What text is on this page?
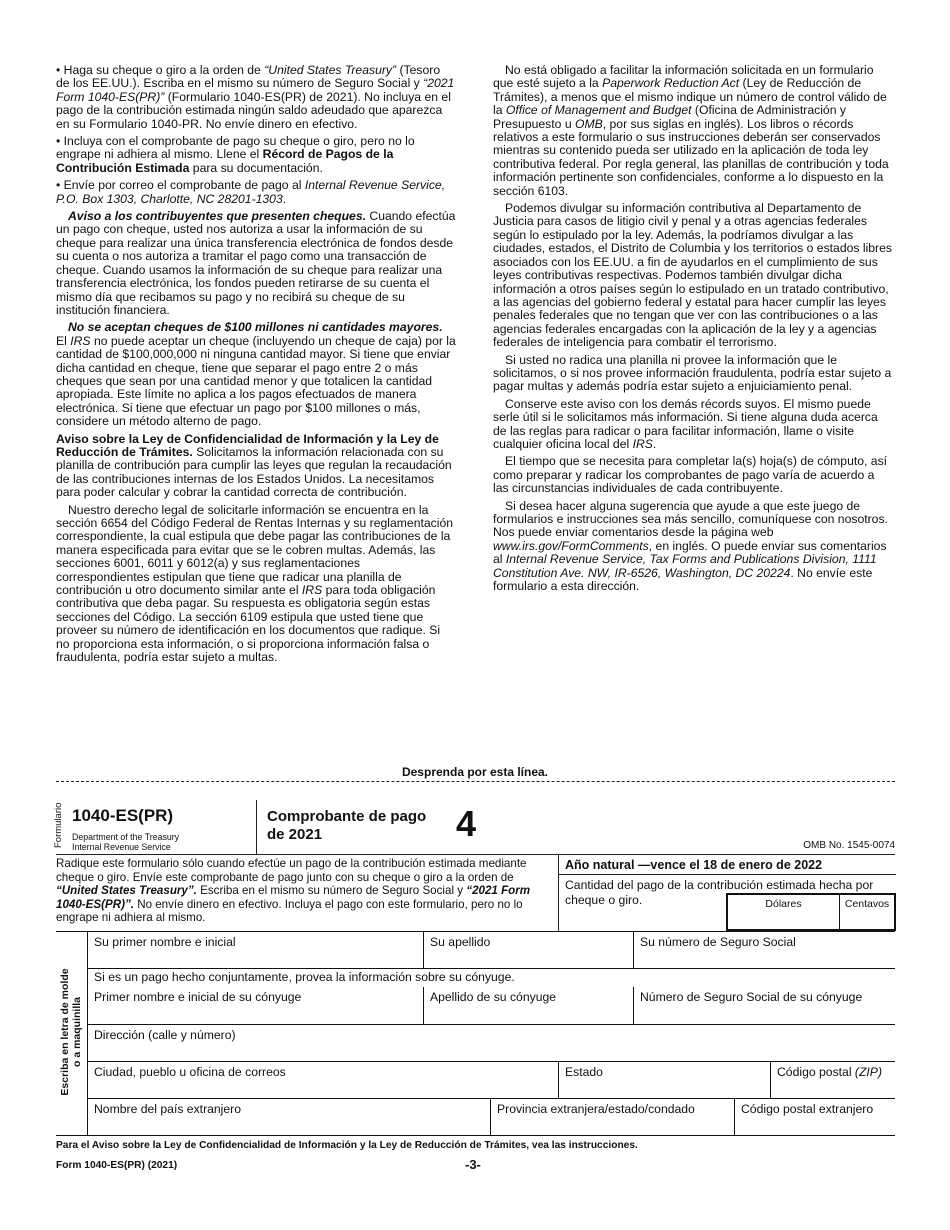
• Haga su cheque o giro a la orden de “United States Treasury” (Tesoro de los EE.UU.). Escriba en el mismo su número de Seguro Social y “2021 Form 1040-ES(PR)” (Formulario 1040-ES(PR) de 2021). No incluya en el pago de la contribución estimada ningún saldo adeudado que aparezca en su Formulario 1040-PR. No envíe dinero en efectivo.

• Incluya con el comprobante de pago su cheque o giro, pero no lo engrape ni adhiera al mismo. Llene el Récord de Pagos de la Contribución Estimada para su documentación.

• Envíe por correo el comprobante de pago al Internal Revenue Service, P.O. Box 1303, Charlotte, NC 28201-1303.

Aviso a los contribuyentes que presenten cheques. Cuando efectúa un pago con cheque, usted nos autoriza a usar la información de su cheque para realizar una única transferencia electrónica de fondos desde su cuenta o nos autoriza a tramitar el pago como una transacción de cheque. Cuando usamos la información de su cheque para realizar una transferencia electrónica, los fondos pueden retirarse de su cuenta el mismo día que recibamos su pago y no recibirá su cheque de su institución financiera.

No se aceptan cheques de $100 millones ni cantidades mayores. El IRS no puede aceptar un cheque (incluyendo un cheque de caja) por la cantidad de $100,000,000 ni ninguna cantidad mayor. Si tiene que enviar dicha cantidad en cheque, tiene que separar el pago entre 2 o más cheques que sean por una cantidad menor y que totalicen la cantidad apropiada. Este límite no aplica a los pagos efectuados de manera electrónica. Si tiene que efectuar un pago por $100 millones o más, considere un método alterno de pago.

Aviso sobre la Ley de Confidencialidad de Información y la Ley de Reducción de Trámites. Solicitamos la información relacionada con su planilla de contribución para cumplir las leyes que regulan la recaudación de las contribuciones internas de los Estados Unidos. La necesitamos para poder calcular y cobrar la cantidad correcta de contribución.

Nuestro derecho legal de solicitarle información se encuentra en la sección 6654 del Código Federal de Rentas Internas y su reglamentación correspondiente, la cual estipula que debe pagar las contribuciones de la manera especificada para evitar que se le cobren multas. Además, las secciones 6001, 6011 y 6012(a) y sus reglamentaciones correspondientes estipulan que tiene que radicar una planilla de contribución u otro documento similar ante el IRS para toda obligación contributiva que deba pagar. Su respuesta es obligatoria según estas secciones del Código. La sección 6109 estipula que usted tiene que proveer su número de identificación en los documentos que radique. Si no proporciona esta información, o si proporciona información falsa o fraudulenta, podría estar sujeto a multas.

No está obligado a facilitar la información solicitada en un formulario que esté sujeto a la Paperwork Reduction Act (Ley de Reducción de Trámites), a menos que el mismo indique un número de control válido de la Office of Management and Budget (Oficina de Administración y Presupuesto u OMB, por sus siglas en inglés). Los libros o récords relativos a este formulario o sus instrucciones deberán ser conservados mientras su contenido pueda ser utilizado en la aplicación de toda ley contributiva federal. Por regla general, las planillas de contribución y toda información pertinente son confidenciales, conforme a lo dispuesto en la sección 6103.

Podemos divulgar su información contributiva al Departamento de Justicia para casos de litigio civil y penal y a otras agencias federales según lo estipulado por la ley. Además, la podríamos divulgar a las ciudades, estados, el Distrito de Columbia y los territorios o estados libres asociados con los EE.UU. a fin de ayudarlos en el cumplimiento de sus leyes contributivas respectivas. Podemos también divulgar dicha información a otros países según lo estipulado en un tratado contributivo, a las agencias del gobierno federal y estatal para hacer cumplir las leyes penales federales que no tengan que ver con las contribuciones o a las agencias federales encargadas con la aplicación de la ley y a agencias federales de inteligencia para combatir el terrorismo.

Si usted no radica una planilla ni provee la información que le solicitamos, o si nos provee información fraudulenta, podría estar sujeto a pagar multas y además podría estar sujeto a enjuiciamiento penal.

Conserve este aviso con los demás récords suyos. El mismo puede serle útil si le solicitamos más información. Si tiene alguna duda acerca de las reglas para radicar o para facilitar información, llame o visite cualquier oficina local del IRS.

El tiempo que se necesita para completar la(s) hoja(s) de cómputo, así como preparar y radicar los comprobantes de pago varía de acuerdo a las circunstancias individuales de cada contribuyente.

Si desea hacer alguna sugerencia que ayude a que este juego de formularios e instrucciones sea más sencillo, comuníquese con nosotros. Nos puede enviar comentarios desde la página web www.irs.gov/FormComments, en inglés. O puede enviar sus comentarios al Internal Revenue Service, Tax Forms and Publications Division, 1111 Constitution Ave. NW, IR-6526, Washington, DC 20224. No envíe este formulario a esta dirección.

Desprenda por esta línea.
Formulario 1040-ES(PR)
Department of the Treasury
Internal Revenue Service
Comprobante de pago
de 2021	4
OMB No. 1545-0074
Radique este formulario sólo cuando efectúe un pago de la contribución estimada mediante cheque o giro. Envíe este comprobante de pago junto con su cheque o giro a la orden de “United States Treasury”. Escriba en el mismo su número de Seguro Social y “2021 Form 1040-ES(PR)”. No envíe dinero en efectivo. Incluya el pago con este formulario, pero no lo engrape ni adhiera al mismo.
Año natural —vence el 18 de enero de 2022
Cantidad del pago de la contribución estimada hecha por cheque o giro.	Dólares	Centavos
Escriba en letra de molde o a maquinilla
Su primer nombre e inicial	Su apellido	Su número de Seguro Social
Si es un pago hecho conjuntamente, provea la información sobre su cónyuge.
Primer nombre e inicial de su cónyuge	Apellido de su cónyuge	Número de Seguro Social de su cónyuge
Dirección (calle y número)
Ciudad, pueblo u oficina de correos	Estado	Código postal (ZIP)
Nombre del país extranjero	Provincia extranjera/estado/condado	Código postal extranjero
Para el Aviso sobre la Ley de Confidencialidad de Información y la Ley de Reducción de Trámites, vea las instrucciones.
Form 1040-ES(PR) (2021)	-3-
